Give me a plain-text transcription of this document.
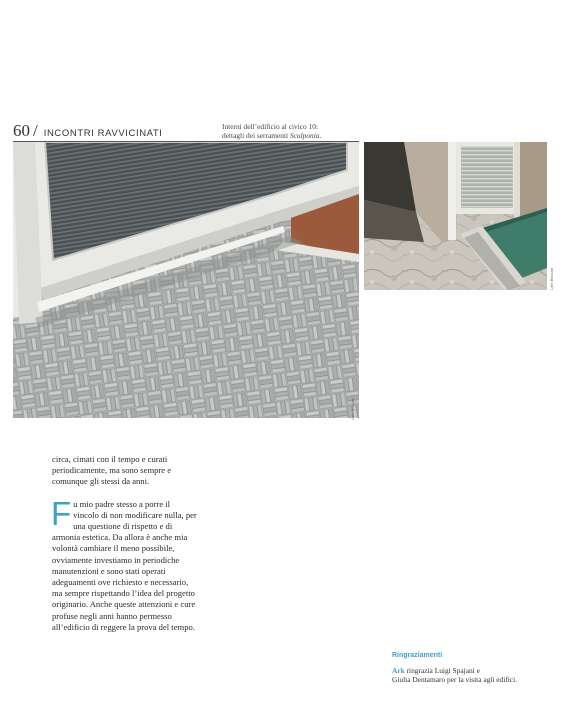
60 / INCONTRI RAVVICINATI
Interni dell’edificio al civico 10:
dettagli dei serramenti Sculponia.
Lele Beccari
Lele Beccari

circa, cimati con il tempo e curati periodicamente, ma sono sempre e comunque gli stessi da anni.

Fu mio padre stesso a porre il vincolo di non modificare nulla, per una questione di rispetto e di armonia estetica. Da allora è anche mia volontà cambiare il meno possibile, ovviamente investiamo in periodiche manutenzioni e sono stati operati adeguamenti ove richiesto e necessario, ma sempre rispettando l’idea del progetto originario. Anche queste attenzioni e cure profuse negli anni hanno permesso all’edificio di reggere la prova del tempo.

Ringraziamenti
Ark ringrazia Luigi Spajani e
Giulia Dentamaro per la visita agli edifici.
